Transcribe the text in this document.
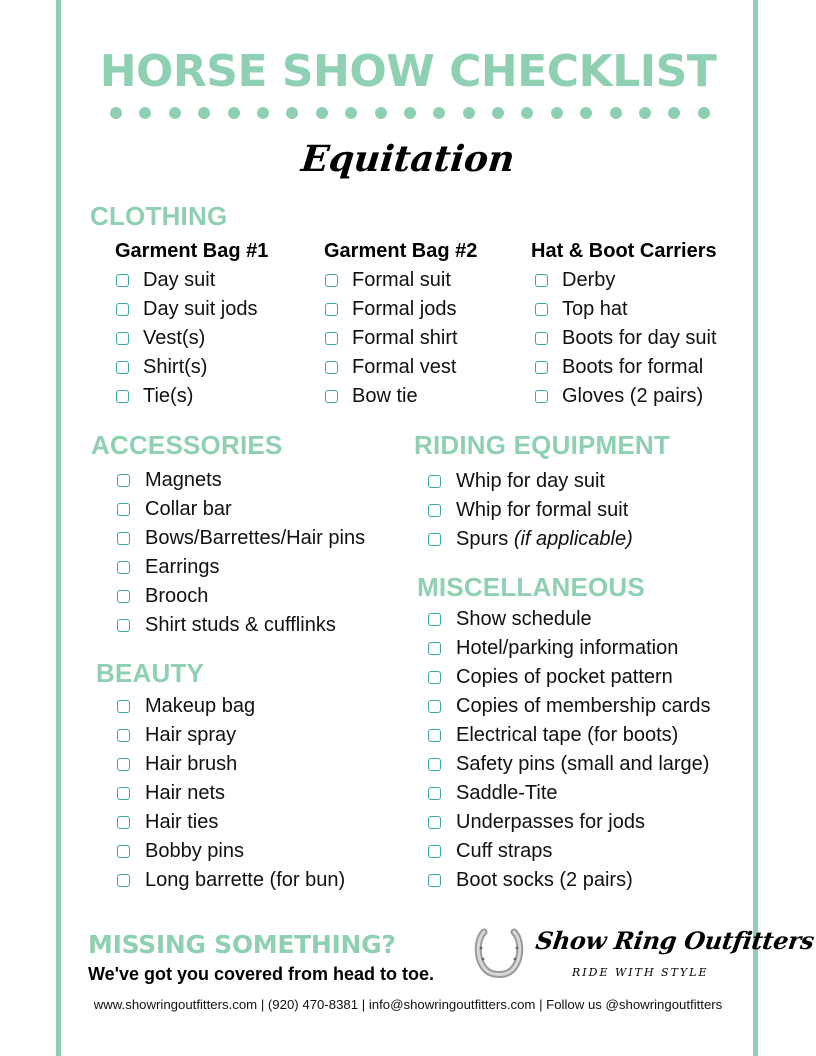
HORSE SHOW CHECKLIST
Equitation
CLOTHING
Garment Bag #1
Day suit
Day suit jods
Vest(s)
Shirt(s)
Tie(s)
Garment Bag #2
Formal suit
Formal jods
Formal shirt
Formal vest
Bow tie
Hat & Boot Carriers
Derby
Top hat
Boots for day suit
Boots for formal
Gloves (2 pairs)
ACCESSORIES
Magnets
Collar bar
Bows/Barrettes/Hair pins
Earrings
Brooch
Shirt studs & cufflinks
BEAUTY
Makeup bag
Hair spray
Hair brush
Hair nets
Hair ties
Bobby pins
Long barrette (for bun)
RIDING EQUIPMENT
Whip for day suit
Whip for formal suit
Spurs
(if applicable)
MISCELLANEOUS
Show schedule
Hotel/parking information
Copies of pocket pattern
Copies of membership cards
Electrical tape (for boots)
Safety pins (small and large)
Saddle-Tite
Underpasses for jods
Cuff straps
Boot socks (2 pairs)
MISSING SOMETHING?
We've got you covered from head to toe.
Show Ring Outfitters
RIDE WITH STYLE
www.showringoutfitters.com | (920) 470-8381 | info@showringoutfitters.com | Follow us @showringoutfitters
